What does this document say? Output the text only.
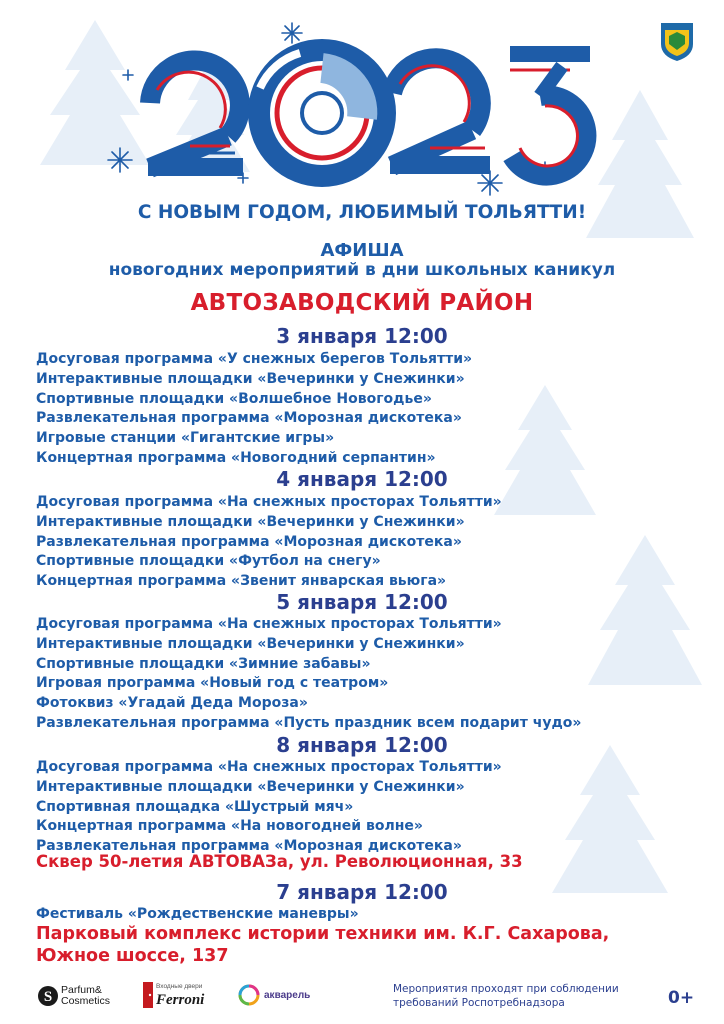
С НОВЫМ ГОДОМ, ЛЮБИМЫЙ ТОЛЬЯТТИ!
АФИША
новогодних мероприятий в дни школьных каникул
АВТОЗАВОДСКИЙ РАЙОН
3 января 12:00
Досуговая программа «У снежных берегов Тольятти»
Интерактивные площадки «Вечеринки у Снежинки»
Спортивные площадки «Волшебное Новогодье»
Развлекательная программа «Морозная дискотека»
Игровые станции «Гигантские игры»
Концертная программа «Новогодний серпантин»
4 января 12:00
Досуговая программа «На снежных просторах Тольятти»
Интерактивные площадки «Вечеринки у Снежинки»
Развлекательная программа «Морозная дискотека»
Спортивные площадки «Футбол на снегу»
Концертная программа «Звенит январская вьюга»
5 января 12:00
Досуговая программа «На снежных просторах Тольятти»
Интерактивные площадки «Вечеринки у Снежинки»
Спортивные площадки «Зимние забавы»
Игровая программа «Новый год с театром»
Фотоквиз «Угадай Деда Мороза»
Развлекательная программа «Пусть праздник всем подарит чудо»
8 января 12:00
Досуговая программа «На снежных просторах Тольятти»
Интерактивные площадки «Вечеринки у Снежинки»
Спортивная площадка «Шустрый мяч»
Концертная программа «На новогодней волне»
Развлекательная программа «Морозная дискотека»
Сквер 50-летия АВТОВАЗа, ул. Революционная, 33
7 января 12:00
Фестиваль «Рождественские маневры»
Парковый комплекс истории техники им. К.Г. Сахарова,
Южное шоссе, 137
S Parfum&
Cosmetics
Входные двери
Ferroni	акварель	Мероприятия проходят при соблюдении
требований Роспотребнадзора	0+
